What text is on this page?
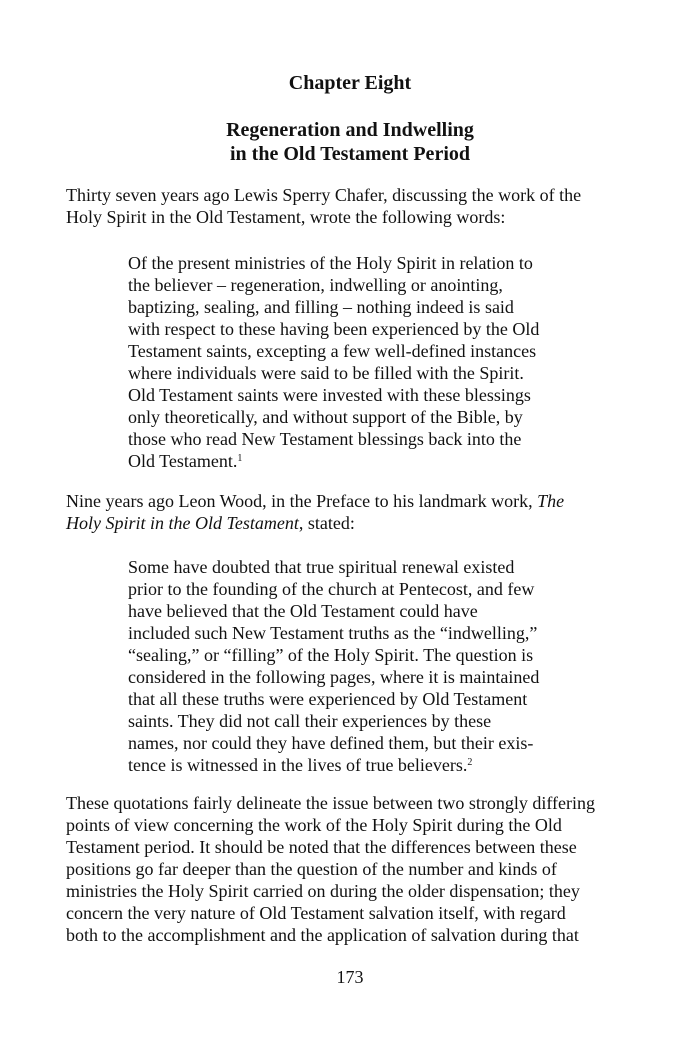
Chapter Eight
Regeneration and Indwelling
in the Old Testament Period

Thirty seven years ago Lewis Sperry Chafer, discussing the work of the
Holy Spirit in the Old Testament, wrote the following words:

Of the present ministries of the Holy Spirit in relation to
the believer – regeneration, indwelling or anointing,
baptizing, sealing, and filling – nothing indeed is said
with respect to these having been experienced by the Old
Testament saints, excepting a few well-defined instances
where individuals were said to be filled with the Spirit.
Old Testament saints were invested with these blessings
only theoretically, and without support of the Bible, by
those who read New Testament blessings back into the
Old Testament.$^1$

Nine years ago Leon Wood, in the Preface to his landmark work, The
Holy Spirit in the Old Testament, stated:

Some have doubted that true spiritual renewal existed
prior to the founding of the church at Pentecost, and few
have believed that the Old Testament could have
included such New Testament truths as the “indwelling,”
“sealing,” or “filling” of the Holy Spirit. The question is
considered in the following pages, where it is maintained
that all these truths were experienced by Old Testament
saints. They did not call their experiences by these
names, nor could they have defined them, but their exis-
tence is witnessed in the lives of true believers.$^2$

These quotations fairly delineate the issue between two strongly differing
points of view concerning the work of the Holy Spirit during the Old
Testament period. It should be noted that the differences between these
positions go far deeper than the question of the number and kinds of
ministries the Holy Spirit carried on during the older dispensation; they
concern the very nature of Old Testament salvation itself, with regard
both to the accomplishment and the application of salvation during that

173
